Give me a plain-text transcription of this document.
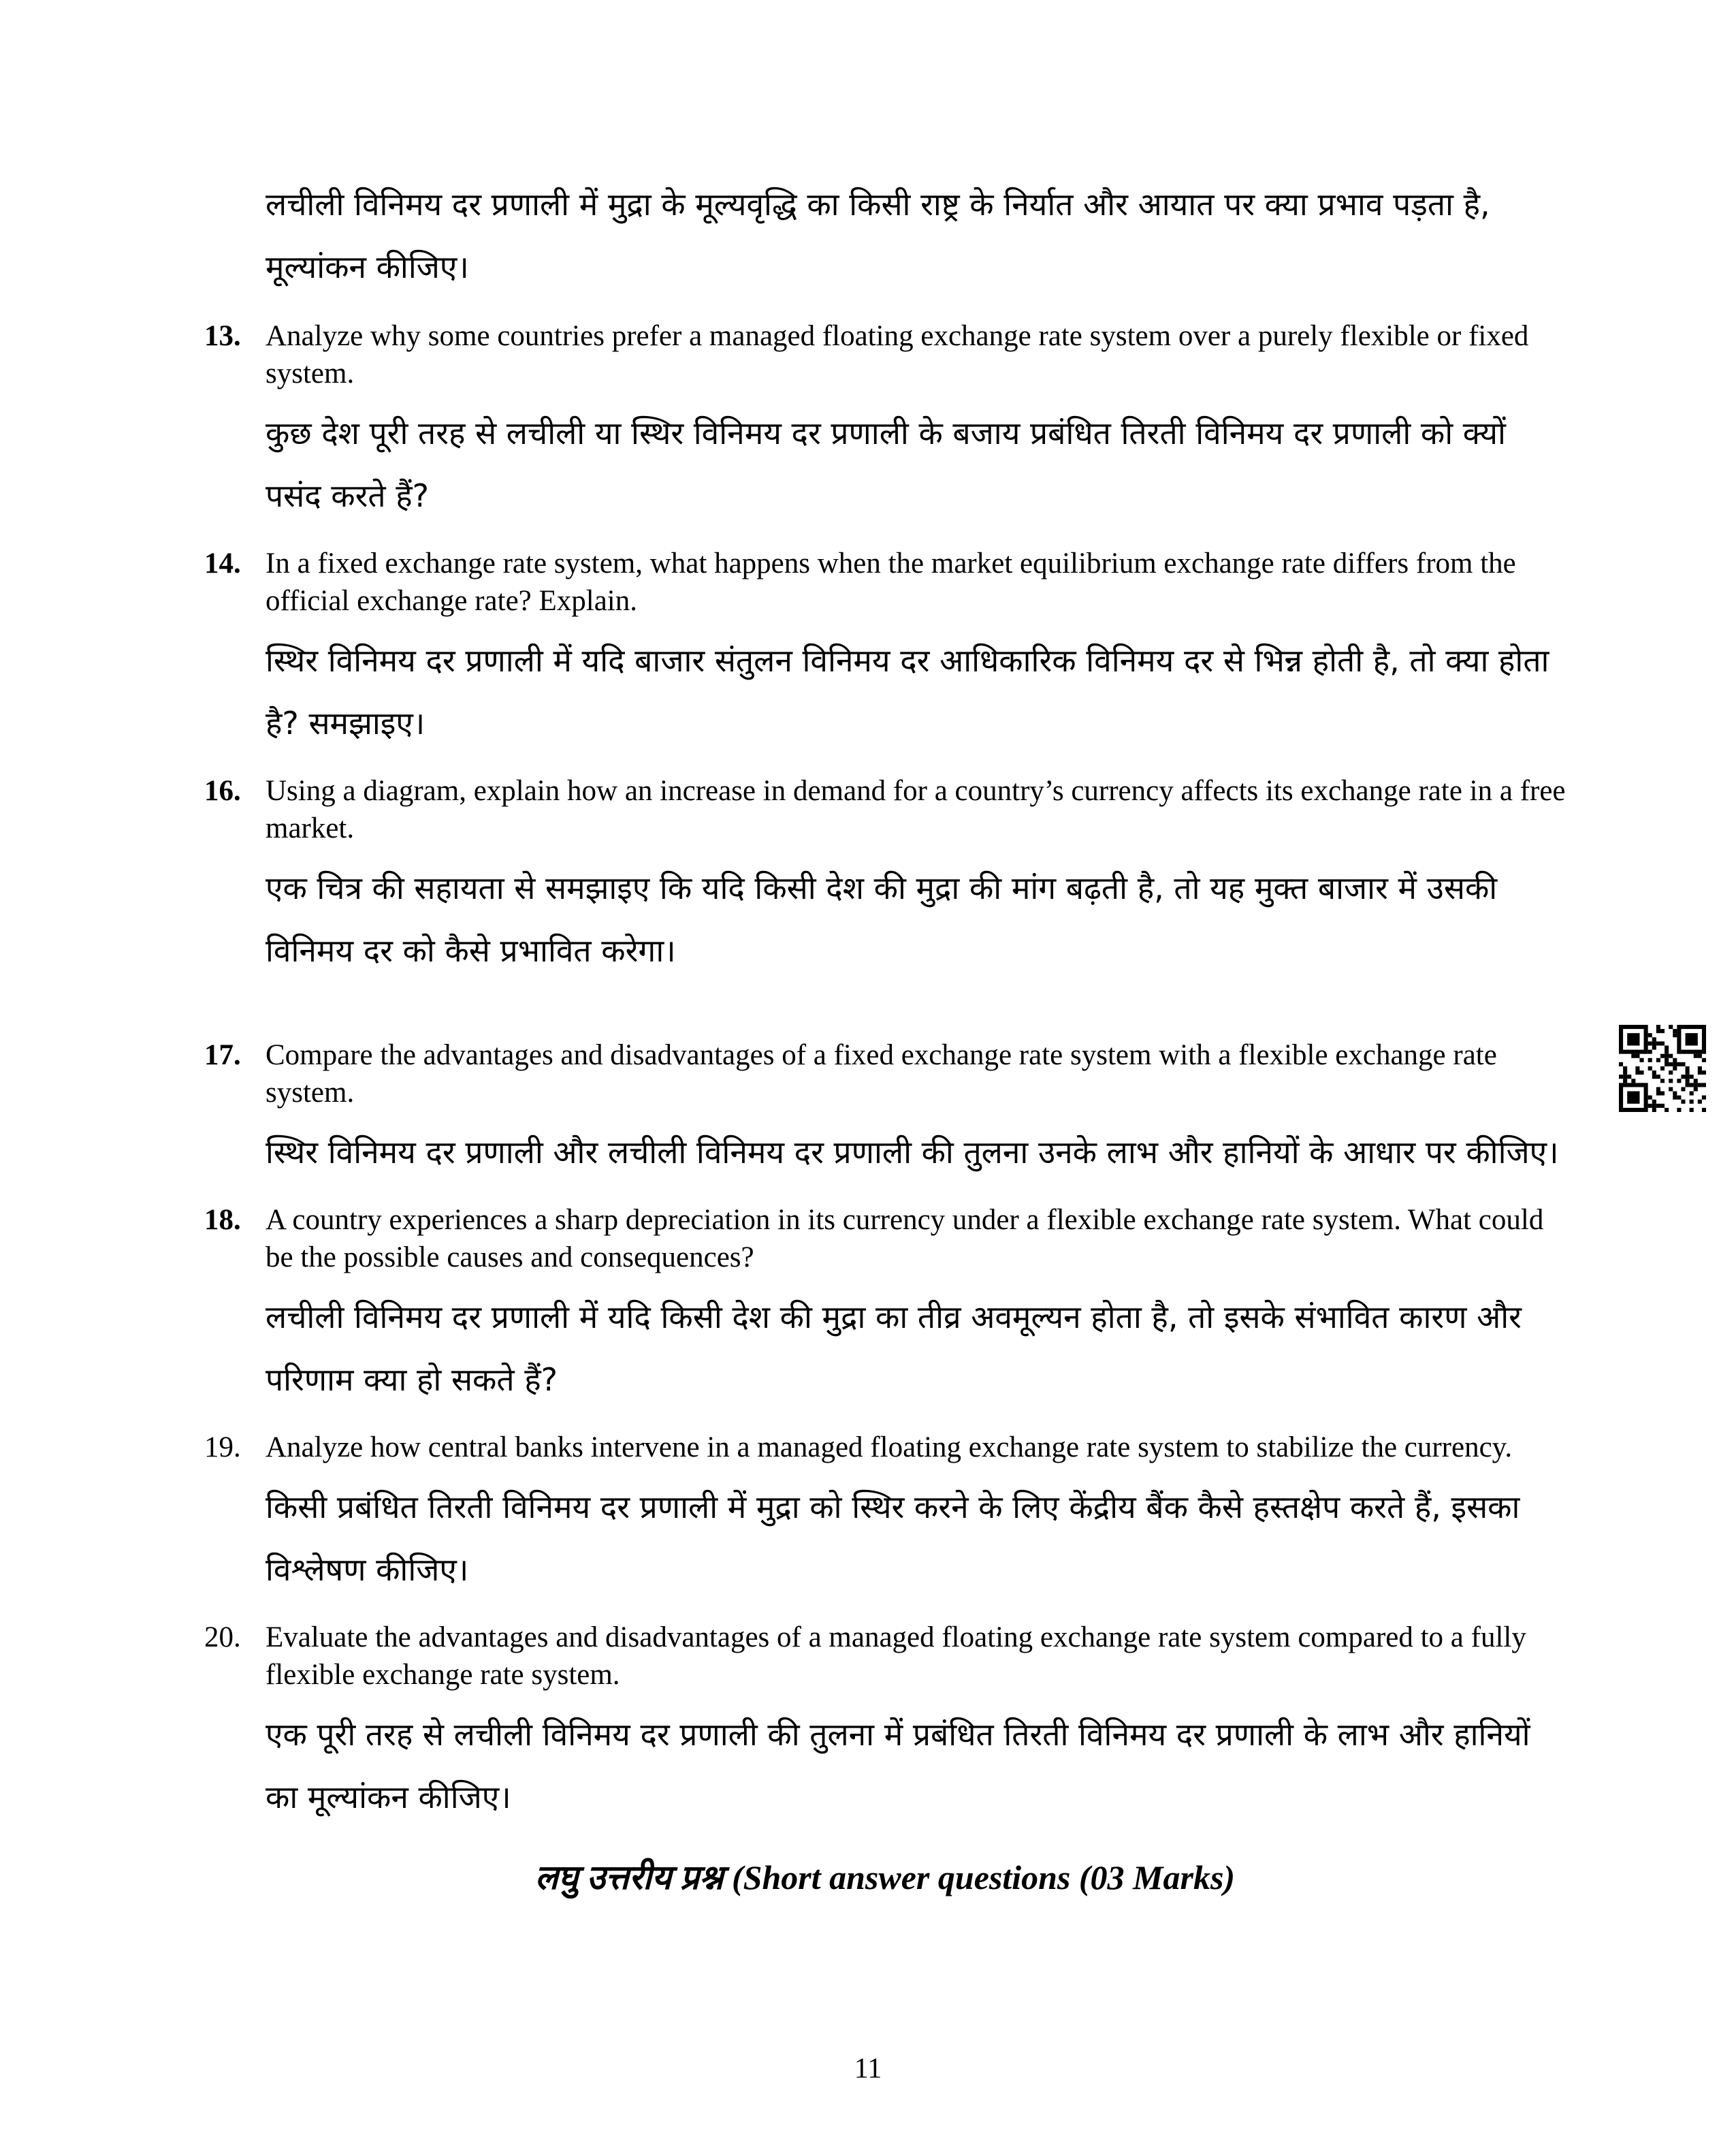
लचीली विनिमय दर प्रणाली में मुद्रा के मूल्यवृद्धि का किसी राष्ट्र के निर्यात और आयात पर क्या प्रभाव पड़ता है, मूल्यांकन कीजिए।

13. Analyze why some countries prefer a managed floating exchange rate system over a purely flexible or fixed system.

कुछ देश पूरी तरह से लचीली या स्थिर विनिमय दर प्रणाली के बजाय प्रबंधित तिरती विनिमय दर प्रणाली को क्यों पसंद करते हैं?

14. In a fixed exchange rate system, what happens when the market equilibrium exchange rate differs from the official exchange rate? Explain.

स्थिर विनिमय दर प्रणाली में यदि बाजार संतुलन विनिमय दर आधिकारिक विनिमय दर से भिन्न होती है, तो क्या होता है? समझाइए।

16. Using a diagram, explain how an increase in demand for a country’s currency affects its exchange rate in a free market.

एक चित्र की सहायता से समझाइए कि यदि किसी देश की मुद्रा की मांग बढ़ती है, तो यह मुक्त बाजार में उसकी विनिमय दर को कैसे प्रभावित करेगा।

17. Compare the advantages and disadvantages of a fixed exchange rate system with a flexible exchange rate system.

स्थिर विनिमय दर प्रणाली और लचीली विनिमय दर प्रणाली की तुलना उनके लाभ और हानियों के आधार पर कीजिए।

18. A country experiences a sharp depreciation in its currency under a flexible exchange rate system. What could be the possible causes and consequences?

लचीली विनिमय दर प्रणाली में यदि किसी देश की मुद्रा का तीव्र अवमूल्यन होता है, तो इसके संभावित कारण और परिणाम क्या हो सकते हैं?

19. Analyze how central banks intervene in a managed floating exchange rate system to stabilize the currency.

किसी प्रबंधित तिरती विनिमय दर प्रणाली में मुद्रा को स्थिर करने के लिए केंद्रीय बैंक कैसे हस्तक्षेप करते हैं, इसका विश्लेषण कीजिए।

20. Evaluate the advantages and disadvantages of a managed floating exchange rate system compared to a fully flexible exchange rate system.

एक पूरी तरह से लचीली विनिमय दर प्रणाली की तुलना में प्रबंधित तिरती विनिमय दर प्रणाली के लाभ और हानियों का मूल्यांकन कीजिए।

लघु उत्तरीय प्रश्न (Short answer questions (03 Marks)
11
